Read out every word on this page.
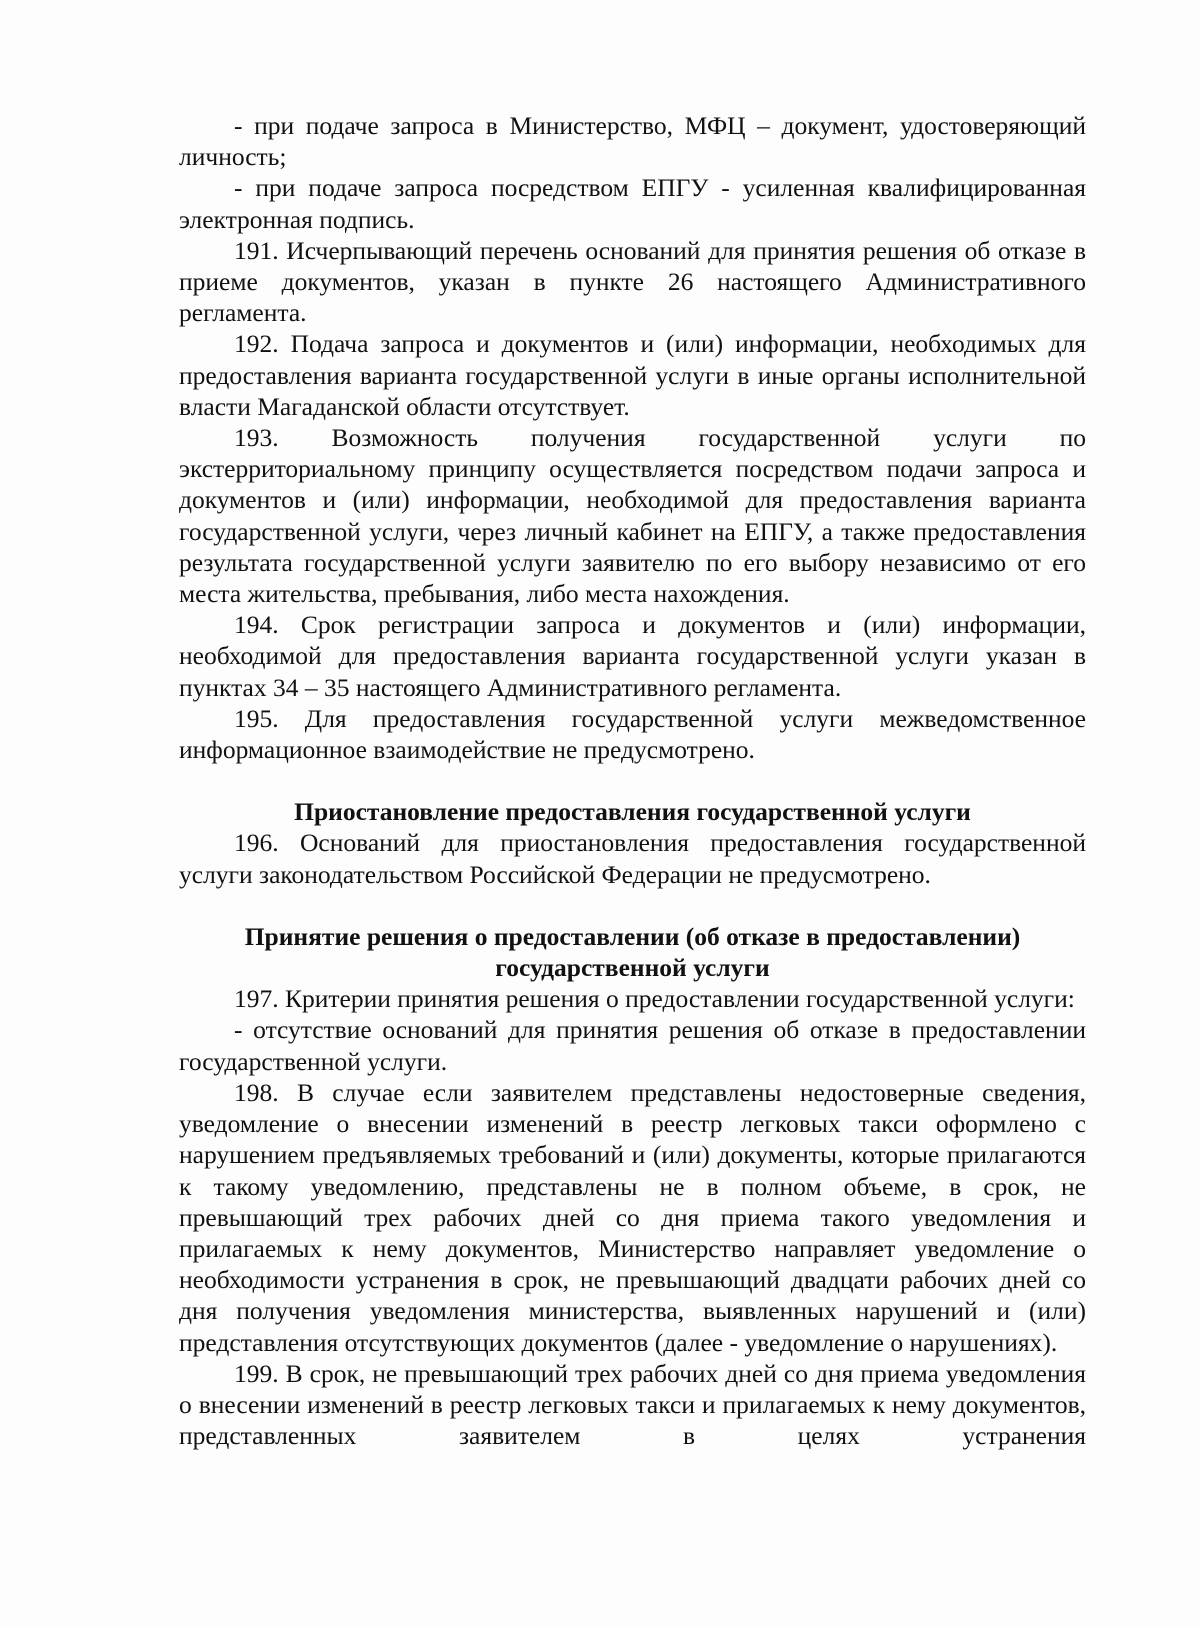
- при подаче запроса в Министерство, МФЦ – документ, удостоверяющий личность;

- при подаче запроса посредством ЕПГУ - усиленная квалифицированная электронная подпись.

191. Исчерпывающий перечень оснований для принятия решения об отказе в приеме документов, указан в пункте 26 настоящего Административного регламента.

192. Подача запроса и документов и (или) информации, необходимых для предоставления варианта государственной услуги в иные органы исполнительной власти Магаданской области отсутствует.

193. Возможность получения государственной услуги по экстерриториальному принципу осуществляется посредством подачи запроса и документов и (или) информации, необходимой для предоставления варианта государственной услуги, через личный кабинет на ЕПГУ, а также предоставления результата государственной услуги заявителю по его выбору независимо от его места жительства, пребывания, либо места нахождения.

194. Срок регистрации запроса и документов и (или) информации, необходимой для предоставления варианта государственной услуги указан в пунктах 34 – 35 настоящего Административного регламента.

195. Для предоставления государственной услуги межведомственное информационное взаимодействие не предусмотрено.

Приостановление предоставления государственной услуги

196. Оснований для приостановления предоставления государственной услуги законодательством Российской Федерации не предусмотрено.

Принятие решения о предоставлении (об отказе в предоставлении) государственной услуги

197. Критерии принятия решения о предоставлении государственной услуги:

- отсутствие оснований для принятия решения об отказе в предоставлении государственной услуги.

198. В случае если заявителем представлены недостоверные сведения, уведомление о внесении изменений в реестр легковых такси оформлено с нарушением предъявляемых требований и (или) документы, которые прилагаются к такому уведомлению, представлены не в полном объеме, в срок, не превышающий трех рабочих дней со дня приема такого уведомления и прилагаемых к нему документов, Министерство направляет уведомление о необходимости устранения в срок, не превышающий двадцати рабочих дней со дня получения уведомления министерства, выявленных нарушений и (или) представления отсутствующих документов (далее - уведомление о нарушениях).

199. В срок, не превышающий трех рабочих дней со дня приема уведомления о внесении изменений в реестр легковых такси и прилагаемых к нему документов, представленных заявителем в целях устранения
